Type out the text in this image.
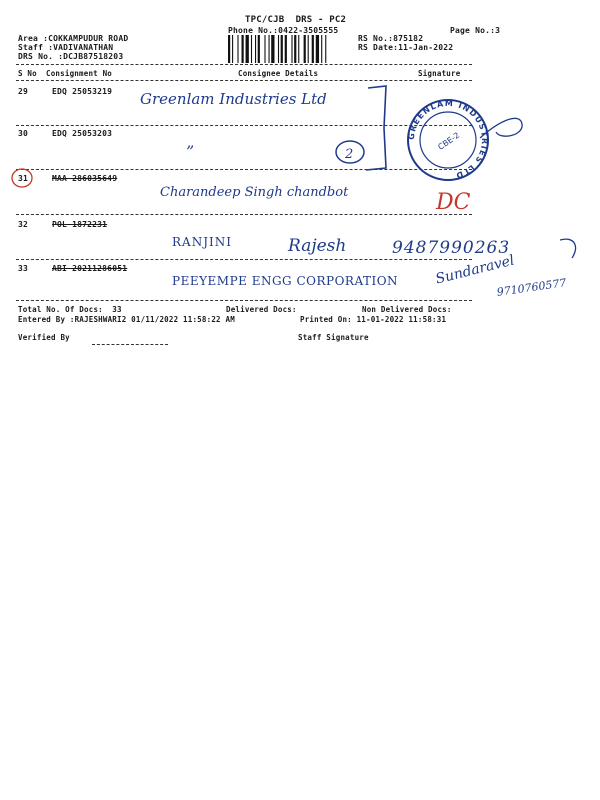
TPC/CJB  DRS - PC2
Phone No.:0422-3505555	Page No.:3
Area :COKKAMPUDUR ROAD
Staff :VADIVANATHAN
DRS No. :DCJB87518203
RS No.:875182
RS Date:11-Jan-2022
S No Consignment No	Consignee Details	Signature
29	EDQ 25053219 Greenlam Industries Ltd
30	EDQ 25053203
”
31	MAA 286035649
Charandeep Singh chandbot	DC
32	POL 1872231
RANJINI	Rajesh	9487990263
33	ABI 20211286051
PEEYEMPE ENGG CORPORATION	Sundaravel
9710760577
Total No. Of Docs:  33	Delivered Docs:	Non Delivered Docs:
Entered By :RAJESHWARI2 01/11/2022 11:58:22 AM	Printed On: 11-01-2022 11:58:31
Verified By	Staff Signature
2
GREENLAM INDUSTRIES LTD
CBE-2
